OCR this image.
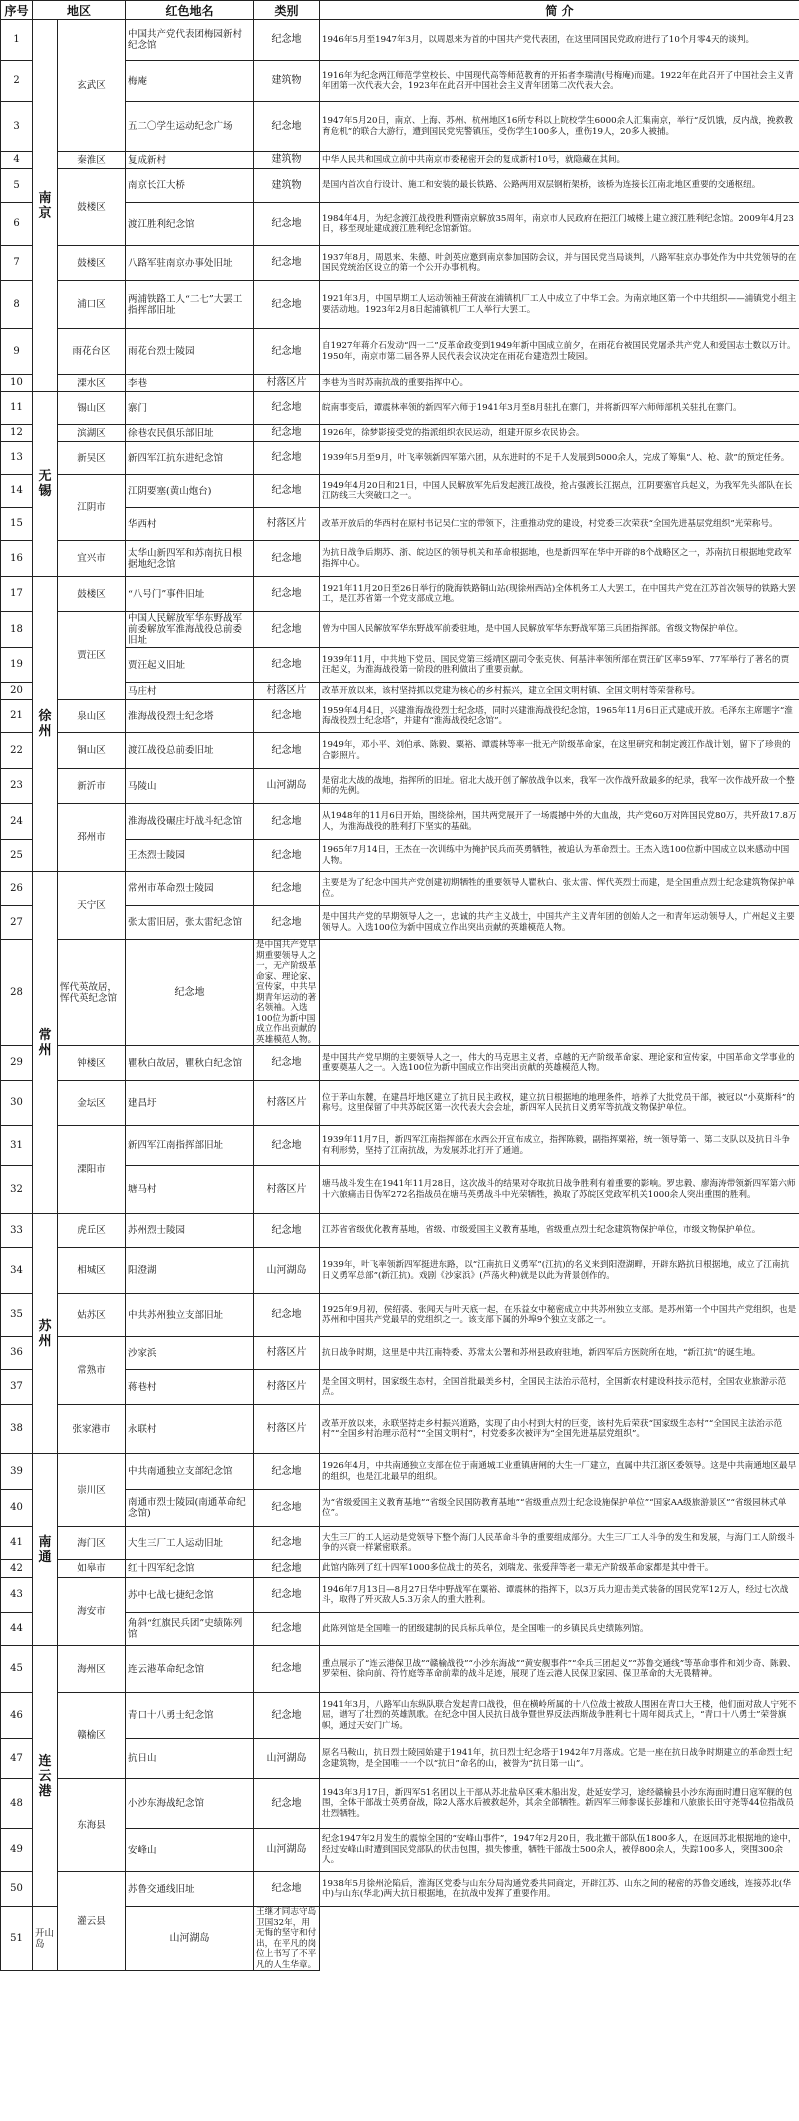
序号	地区		红色地名	类别	简 介
1	南京	玄武区	中国共产党代表团梅园新村纪念馆	纪念地	1946年5月至1947年3月，以周恩来为首的中国共产党代表团，在这里同国民党政府进行了10个月零4天的谈判。
2			梅庵	建筑物	1916年为纪念两江师范学堂校长、中国现代高等师范教育的开拓者李瑞清(号梅庵)而建。1922年在此召开了中国社会主义青年团第一次代表大会，1923年在此召开中国社会主义青年团第二次代表大会。
3			五二〇学生运动纪念广场	纪念地	1947年5月20日，南京、上海、苏州、杭州地区16所专科以上院校学生6000余人汇集南京，举行“反饥饿，反内战，挽救教育危机”的联合大游行，遭到国民党宪警镇压，受伤学生100多人，重伤19人，20多人被捕。
4		秦淮区	复成新村	建筑物	中华人民共和国成立前中共南京市委秘密开会的复成新村10号，就隐藏在其间。
5		鼓楼区	南京长江大桥	建筑物	是国内首次自行设计、施工和安装的最长铁路、公路两用双层钢桁架桥，该桥为连接长江南北地区重要的交通枢纽。
6			渡江胜利纪念馆	纪念地	1984年4月，为纪念渡江战役胜利暨南京解放35周年，南京市人民政府在挹江门城楼上建立渡江胜利纪念馆。2009年4月23日，移至现址建成渡江胜利纪念馆新馆。
7		鼓楼区	八路军驻南京办事处旧址	纪念地	1937年8月，周恩来、朱德、叶剑英应邀到南京参加国防会议，并与国民党当局谈判，八路军驻京办事处作为中共党领导的在国民党统治区设立的第一个公开办事机构。
8		浦口区	两浦铁路工人“二七”大罢工指挥部旧址	纪念地	1921年3月，中国早期工人运动领袖王荷波在浦镇机厂工人中成立了中华工会。为南京地区第一个中共组织——浦镇党小组主要活动地。1923年2月8日起浦镇机厂工人举行大罢工。
9		雨花台区	雨花台烈士陵园	纪念地	自1927年蒋介石发动“四一二”反革命政变到1949年新中国成立前夕，在雨花台被国民党屠杀共产党人和爱国志士数以万计。1950年，南京市第二届各界人民代表会议决定在雨花台建造烈士陵园。
10		溧水区	李巷	村落区片	李巷为当时苏南抗战的重要指挥中心。
11	无锡	锡山区	寨门	纪念地	皖南事变后，谭震林率领的新四军六师于1941年3月至8月驻扎在寨门，并将新四军六师师部机关驻扎在寨门。
12		滨湖区	徐巷农民俱乐部旧址	纪念地	1926年，徐梦影接受党的指派组织农民运动，组建开原乡农民协会。
13		新吴区	新四军江抗东进纪念馆	纪念地	1939年5月至9月，叶飞率领新四军第六团，从东进时的不足千人发展到5000余人，完成了筹集“人、枪、款”的预定任务。
14		江阴市	江阴要塞(黄山炮台)	纪念地	1949年4月20日和21日，中国人民解放军先后发起渡江战役，抢占强渡长江据点，江阴要塞官兵起义，为我军先头部队在长江防线三大突破口之一。
15			华西村	村落区片	改革开放后的华西村在原村书记吴仁宝的带领下，注重推动党的建设，村党委三次荣获“全国先进基层党组织”光荣称号。
16		宜兴市	太华山新四军和苏南抗日根据地纪念馆	纪念地	为抗日战争后期苏、浙、皖边区的领导机关和革命根据地，也是新四军在华中开辟的8个战略区之一，苏南抗日根据地党政军指挥中心。
17	徐州	鼓楼区	“八号门”事件旧址	纪念地	1921年11月20日至26日举行的陇海铁路铜山站(现徐州西站)全体机务工人大罢工，在中国共产党在江苏首次领导的铁路大罢工，是江苏省第一个党支部成立地。
18		贾汪区	中国人民解放军华东野战军前委解放军淮海战役总前委旧址	纪念地	曾为中国人民解放军华东野战军前委驻地，是中国人民解放军华东野战军第三兵团指挥部。省级文物保护单位。
19			贾汪起义旧址	纪念地	1939年11月，中共地下党员、国民党第三绥靖区副司令张克侠、何基沣率领所部在贾汪矿区率59军、77军举行了著名的贾汪起义，为淮海战役第一阶段的胜利做出了重要贡献。
20			马庄村	村落区片	改革开放以来，该村坚持抓以党建为核心的乡村振兴，建立全国文明村镇、全国文明村等荣誉称号。
21		泉山区	淮海战役烈士纪念塔	纪念地	1959年4月4日，兴建淮海战役烈士纪念塔，同时兴建淮海战役纪念馆，1965年11月6日正式建成开放。毛泽东主席题字“淮海战役烈士纪念塔”，并建有“淮海战役纪念馆”。
22		铜山区	渡江战役总前委旧址	纪念地	1949年，邓小平、刘伯承、陈毅、粟裕、谭震林等率一批无产阶级革命家，在这里研究和制定渡江作战计划，留下了珍贵的合影照片。
23		新沂市	马陵山	山河湖岛	是宿北大战的战地，指挥所的旧址。宿北大战开创了解放战争以来，我军一次作战歼敌最多的纪录，我军一次作战歼敌一个整师的先例。
24		邳州市	淮海战役碾庄圩战斗纪念馆	纪念地	从1948年的11月6日开始，围绕徐州，国共两党展开了一场震撼中外的大血战，共产党60万对阵国民党80万，共歼敌17.8万人，为淮海战役的胜利打下坚实的基础。
25			王杰烈士陵园	纪念地	1965年7月14日，王杰在一次训练中为掩护民兵而英勇牺牲，被追认为革命烈士。王杰入选100位新中国成立以来感动中国人物。
26	常州	天宁区	常州市革命烈士陵园	纪念地	主要是为了纪念中国共产党创建初期牺牲的重要领导人瞿秋白、张太雷、恽代英烈士而建，是全国重点烈士纪念建筑物保护单位。
27			张太雷旧居，张太雷纪念馆	纪念地	是中国共产党的早期领导人之一，忠诚的共产主义战士，中国共产主义青年团的创始人之一和青年运动领导人，广州起义主要领导人。入选100位为新中国成立作出突出贡献的英雄模范人物。
28		恽代英故居，恽代英纪念馆	纪念地	是中国共产党早期重要领导人之一，无产阶级革命家、理论家、宣传家，中共早期青年运动的著名领袖。入选100位为新中国成立作出贡献的英雄模范人物。	
29		钟楼区	瞿秋白故居，瞿秋白纪念馆	纪念地	是中国共产党早期的主要领导人之一，伟大的马克思主义者，卓越的无产阶级革命家、理论家和宣传家，中国革命文学事业的重要奠基人之一。入选100位为新中国成立作出突出贡献的英雄模范人物。
30		金坛区	建昌圩	村落区片	位于茅山东麓，在建昌圩地区建立了抗日民主政权，建立抗日根据地的地理条件，培养了大批党员干部，被冠以“小莫斯科”的称号。这里保留了中共苏皖区第一次代表大会会址，新四军人民抗日义勇军等抗战文物保护单位。
31		溧阳市	新四军江南指挥部旧址	纪念地	1939年11月7日，新四军江南指挥部在水西公开宣布成立，指挥陈毅，副指挥粟裕，统一领导第一、第二支队以及抗日斗争有利形势，坚持了江南抗战，为发展苏北打开了通道。
32			塘马村	村落区片	塘马战斗发生在1941年11月28日，这次战斗的结果对夺取抗日战争胜利有着重要的影响。罗忠毅、廖海涛带领新四军第六师十六旅痛击日伪军272名指战员在塘马英勇战斗中光荣牺牲，换取了苏皖区党政军机关1000余人突出重围的胜利。
33	苏州	虎丘区	苏州烈士陵园	纪念地	江苏省省级优化教育基地，省级、市级爱国主义教育基地，省级重点烈士纪念建筑物保护单位，市级文物保护单位。
34		相城区	阳澄湖	山河湖岛	1939年，叶飞率领新四军挺进东路，以“江南抗日义勇军”(江抗)的名义来到阳澄湖畔，开辟东路抗日根据地，成立了江南抗日义勇军总部”(新江抗)。戏剧《沙家浜》(芦荡火种)就是以此为背景创作的。
35		姑苏区	中共苏州独立支部旧址	纪念地	1925年9月初，侯绍裘、张闻天与叶天底一起，在乐益女中秘密成立中共苏州独立支部。是苏州第一个中国共产党组织，也是苏州和中国共产党最早的党组织之一。该支部下属的外埠9个独立支部之一。
36		常熟市	沙家浜	村落区片	抗日战争时期，这里是中共江南特委、苏常太公署和苏州县政府驻地，新四军后方医院所在地，“新江抗”的诞生地。
37			蒋巷村	村落区片	是全国文明村，国家级生态村，全国首批最美乡村，全国民主法治示范村，全国新农村建设科技示范村，全国农业旅游示范点。
38		张家港市	永联村	村落区片	改革开放以来，永联坚持走乡村振兴道路，实现了由小村到大村的巨变，该村先后荣获“国家级生态村”“全国民主法治示范村”“全国乡村治理示范村”“全国文明村”，村党委多次被评为“全国先进基层党组织”。
39	南通	崇川区	中共南通独立支部纪念馆	纪念地	1926年4月，中共南通独立支部在位于南通城工业重镇唐闸的大生一厂建立，直属中共江浙区委领导。这是中共南通地区最早的组织，也是江北最早的组织。
40			南通市烈士陵园(南通革命纪念馆)	纪念地	为“省级爱国主义教育基地”“省级全民国防教育基地”“省级重点烈士纪念设施保护单位”“国家AA级旅游景区”“省级园林式单位”。
41		海门区	大生三厂工人运动旧址	纪念地	大生三厂的工人运动是党领导下整个海门人民革命斗争的重要组成部分。大生三厂工人斗争的发生和发展，与海门工人阶级斗争的兴衰一样紧密联系。
42		如皋市	红十四军纪念馆	纪念地	此馆内陈列了红十四军1000多位战士的英名，刘瑞龙、张爱萍等老一辈无产阶级革命家都是其中骨干。
43		海安市	苏中七战七捷纪念馆	纪念地	1946年7月13日—8月27日华中野战军在粟裕、谭震林的指挥下，以3万兵力迎击美式装备的国民党军12万人，经过七次战斗，取得了歼灭敌人5.3万余人的重大胜利。
44			角斜“红旗民兵团”史绩陈列馆	纪念地	此陈列馆是全国唯一的团级建制的民兵标兵单位，是全国唯一的乡镇民兵史绩陈列馆。
45	连云港	海州区	连云港革命纪念馆	纪念地	重点展示了“连云港保卫战”“赣榆战役”“小沙东海战”“黄安舰事件”“伞兵三团起义”“苏鲁交通线”等革命事件和刘少奇、陈毅、罗荣桓、徐向前、符竹庭等革命前辈的战斗足迹，展现了连云港人民保卫家园、保卫革命的大无畏精神。
46		赣榆区	青口十八勇士纪念馆	纪念地	1941年3月，八路军山东纵队联合发起青口战役，但在横岭所属的十八位战士被敌人围困在青口大王楼，他们面对敌人宁死不屈，谱写了壮烈的英雄凯歌。在纪念中国人民抗日战争暨世界反法西斯战争胜利七十周年阅兵式上，“青口十八勇士”荣誉旗帜，通过天安门广场。
47			抗日山	山河湖岛	原名马鞍山，抗日烈士陵园始建于1941年，抗日烈士纪念塔于1942年7月落成。它是一座在抗日战争时期建立的革命烈士纪念建筑物，是全国唯一一个以“抗日”命名的山，被誉为“抗日第一山”。
48		东海县	小沙东海战纪念馆	纪念地	1943年3月17日，新四军51名团以上干部从苏北盐阜区乘木船出发，赴延安学习，途经赣榆县小沙东海面时遭日寇军舰的包围，全体干部战士英勇奋战，除2人落水后被救起外，其余全部牺牲。新四军三师参谋长彭雄和八旅旅长田守尧等44位指战员壮烈牺牲。
49			安峰山	山河湖岛	纪念1947年2月发生的震惊全国的“安峰山事件”，1947年2月20日，我北撤干部队伍1800多人，在返回苏北根据地的途中，经过安峰山时遭到国民党部队的伏击包围，损失惨重，牺牲干部战士500余人，被俘800余人，失踪100多人，突围300余人。
50		灌云县	苏鲁交通线旧址	纪念地	1938年5月徐州沦陷后，淮海区党委与山东分局沟通党委共同商定，开辟江苏、山东之间的秘密的苏鲁交通线，连接苏北(华中)与山东(华北)两大抗日根据地，在抗战中发挥了重要作用。
51	开山岛		山河湖岛	王继才同志守岛卫国32年，用无悔的坚守和付出，在平凡的岗位上书写了不平凡的人生华章。	
